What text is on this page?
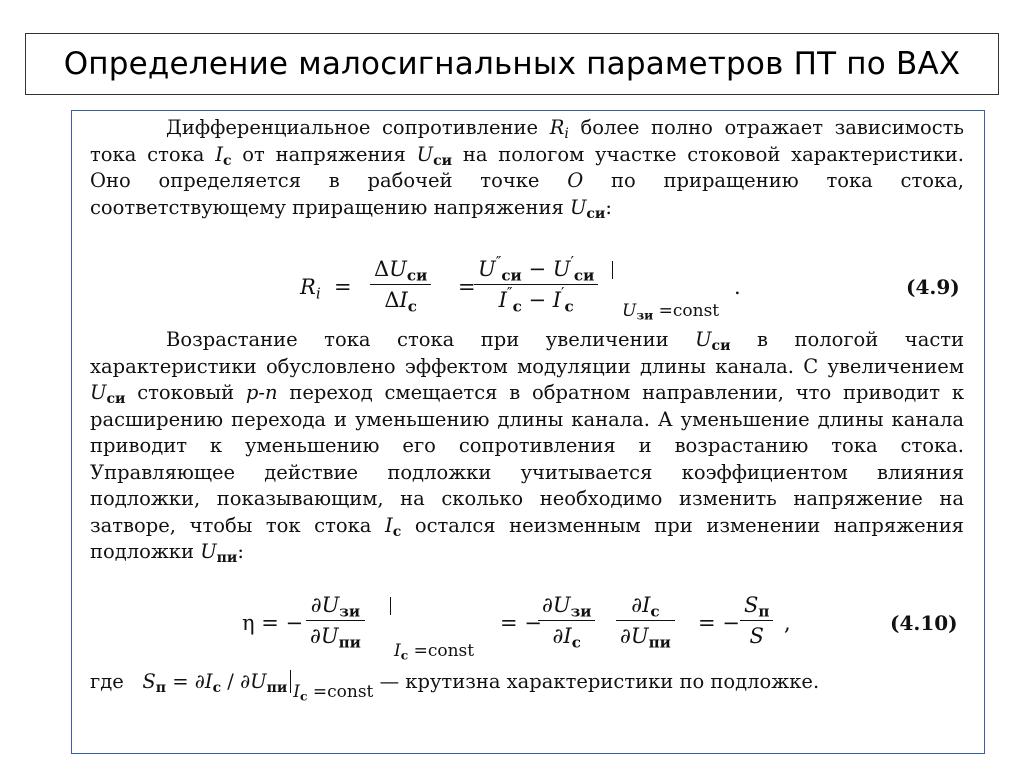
Определение малосигнальных параметров ПТ по ВАХ

Дифференциальное сопротивление $R_i$ более полно отражает зависимость тока стока $I_с$ от напряжения $U_{си}$ на пологом участке стоковой характеристики. Оно определяется в рабочей точке O по приращению тока стока, соответствующему приращению напряжения $U_{си}$:

$R_i$  =
$\Delta U_{си}$
$\Delta I_с$
=
$U''_{си} - U'_{си}$
$I''_с - I'_с$	$U_{зи}$ =const
.	(4.9)

Возрастание тока стока при увеличении $U_{си}$ в пологой части характеристики обусловлено эффектом модуляции длины канала. С увеличением $U_{си}$ стоковый p-n переход смещается в обратном направлении, что приводит к расширению перехода и уменьшению длины канала. А уменьшение длины канала приводит к уменьшению его сопротивления и возрастанию тока стока. Управляющее действие подложки учитывается коэффициентом влияния подложки, показывающим, на сколько необходимо изменить напряжение на затворе, чтобы ток стока $I_с$ остался неизменным при изменении напряжения подложки $U_{пи}$:

η = −
$\partial U_{зи}$
$\partial U_{пи}$ $I_с$ =const
= −
$\partial U_{зи}$
$\partial I_с$
$\partial I_с$
$\partial U_{пи}$
= −
$S_п$
S
,	(4.10)

где $S_п = \partial I_с / \partial U_{пи}$ $I_с$ =const — крутизна характеристики по подложке.
